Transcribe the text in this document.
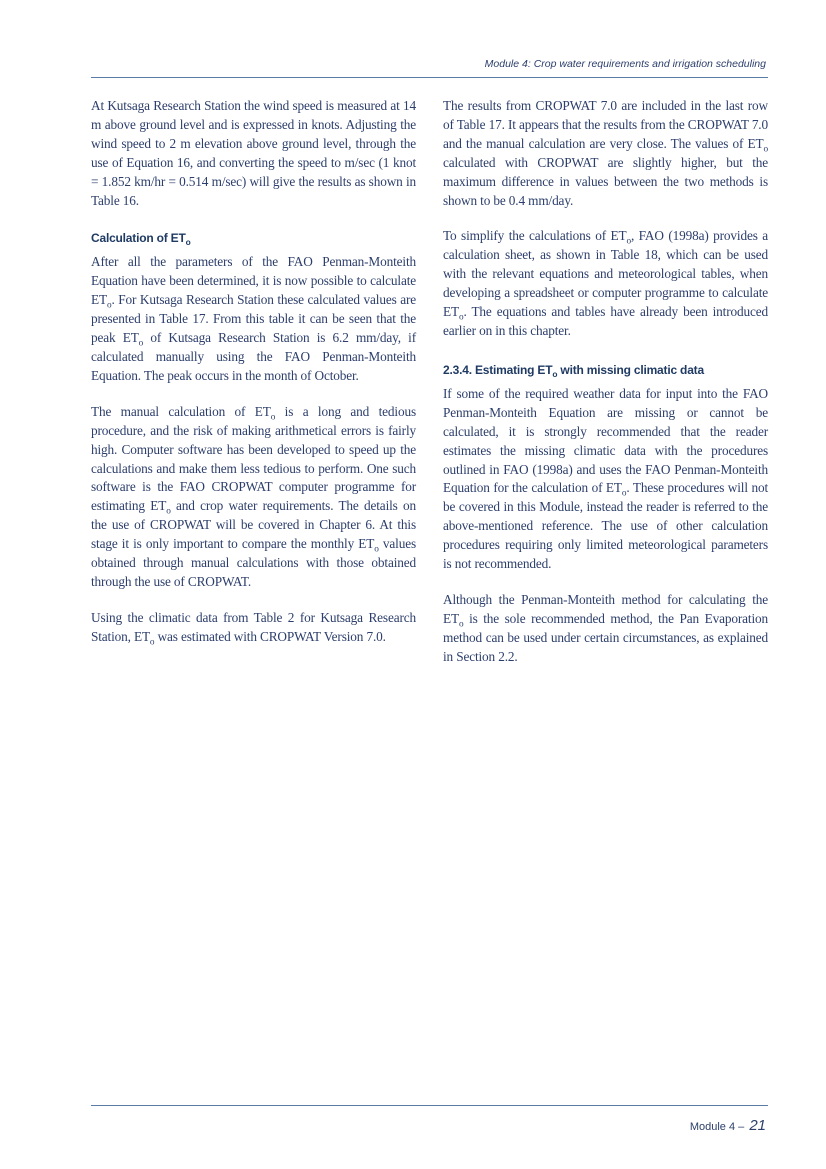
Module 4: Crop water requirements and irrigation scheduling

At Kutsaga Research Station the wind speed is measured at 14 m above ground level and is expressed in knots. Adjusting the wind speed to 2 m elevation above ground level, through the use of Equation 16, and converting the speed to m/sec (1 knot = 1.852 km/hr = 0.514 m/sec) will give the results as shown in Table 16.

Calculation of $ET_o$

After all the parameters of the FAO Penman-Monteith Equation have been determined, it is now possible to calculate $ET_o$. For Kutsaga Research Station these calculated values are presented in Table 17. From this table it can be seen that the peak $ET_o$ of Kutsaga Research Station is 6.2 mm/day, if calculated manually using the FAO Penman-Monteith Equation. The peak occurs in the month of October.

The manual calculation of $ET_o$ is a long and tedious procedure, and the risk of making arithmetical errors is fairly high. Computer software has been developed to speed up the calculations and make them less tedious to perform. One such software is the FAO CROPWAT computer programme for estimating $ET_o$ and crop water requirements. The details on the use of CROPWAT will be covered in Chapter 6. At this stage it is only important to compare the monthly $ET_o$ values obtained through manual calculations with those obtained through the use of CROPWAT.

Using the climatic data from Table 2 for Kutsaga Research Station, $ET_o$ was estimated with CROPWAT Version 7.0.

The results from CROPWAT 7.0 are included in the last row of Table 17. It appears that the results from the CROPWAT 7.0 and the manual calculation are very close. The values of $ET_o$ calculated with CROPWAT are slightly higher, but the maximum difference in values between the two methods is shown to be 0.4 mm/day.

To simplify the calculations of $ET_o$, FAO (1998a) provides a calculation sheet, as shown in Table 18, which can be used with the relevant equations and meteorological tables, when developing a spreadsheet or computer programme to calculate $ET_o$. The equations and tables have already been introduced earlier on in this chapter.

2.3.4. Estimating $ET_o$ with missing climatic data

If some of the required weather data for input into the FAO Penman-Monteith Equation are missing or cannot be calculated, it is strongly recommended that the reader estimates the missing climatic data with the procedures outlined in FAO (1998a) and uses the FAO Penman-Monteith Equation for the calculation of $ET_o$. These procedures will not be covered in this Module, instead the reader is referred to the above-mentioned reference. The use of other calculation procedures requiring only limited meteorological parameters is not recommended.

Although the Penman-Monteith method for calculating the $ET_o$ is the sole recommended method, the Pan Evaporation method can be used under certain circumstances, as explained in Section 2.2.

Module 4 – 21
